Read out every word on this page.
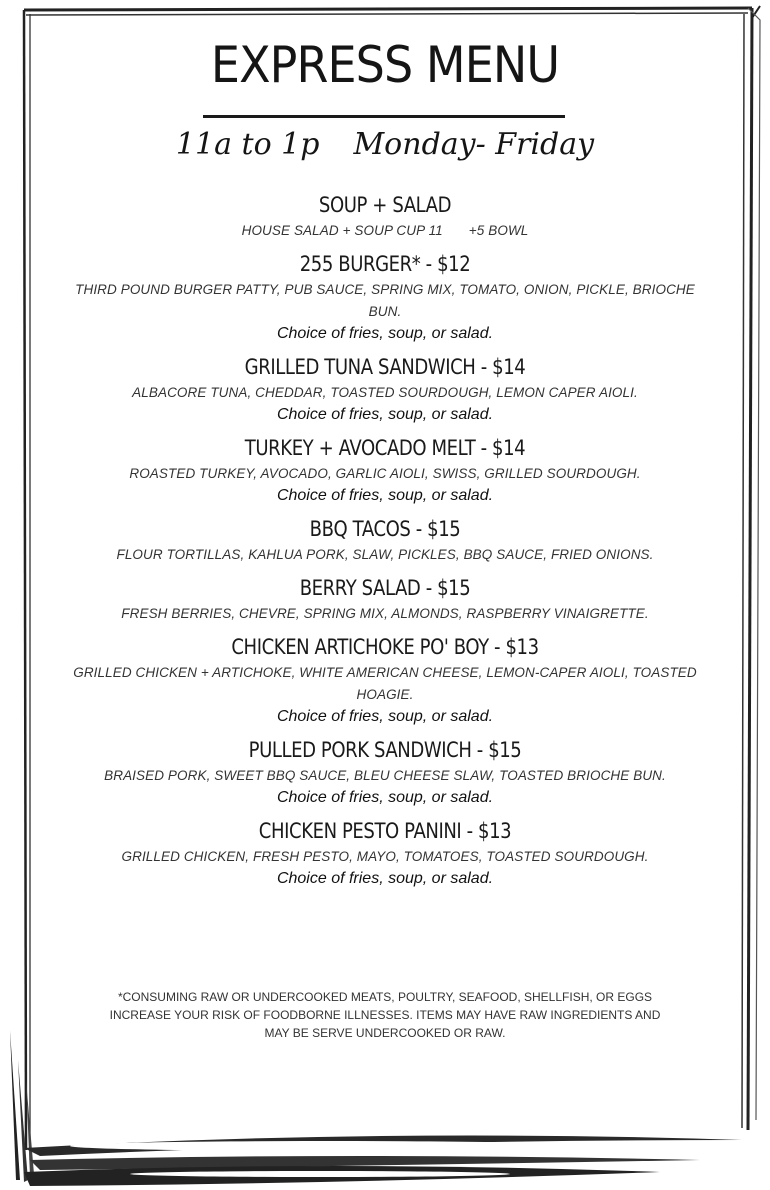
EXPRESS MENU
11a to 1p Monday- Friday
SOUP + SALAD
HOUSE SALAD + SOUP CUP 11 +5 BOWL
255 BURGER* - $12
THIRD POUND BURGER PATTY, PUB SAUCE, SPRING MIX, TOMATO, ONION, PICKLE, BRIOCHE BUN.
Choice of fries, soup, or salad.
GRILLED TUNA SANDWICH - $14
ALBACORE TUNA, CHEDDAR, TOASTED SOURDOUGH, LEMON CAPER AIOLI.
Choice of fries, soup, or salad.
TURKEY + AVOCADO MELT - $14
ROASTED TURKEY, AVOCADO, GARLIC AIOLI, SWISS, GRILLED SOURDOUGH.
Choice of fries, soup, or salad.
BBQ TACOS - $15
FLOUR TORTILLAS, KAHLUA PORK, SLAW, PICKLES, BBQ SAUCE, FRIED ONIONS.
BERRY SALAD - $15
FRESH BERRIES, CHEVRE, SPRING MIX, ALMONDS, RASPBERRY VINAIGRETTE.
CHICKEN ARTICHOKE PO' BOY - $13
GRILLED CHICKEN + ARTICHOKE, WHITE AMERICAN CHEESE, LEMON-CAPER AIOLI, TOASTED HOAGIE.
Choice of fries, soup, or salad.
PULLED PORK SANDWICH - $15
BRAISED PORK, SWEET BBQ SAUCE, BLEU CHEESE SLAW, TOASTED BRIOCHE BUN.
Choice of fries, soup, or salad.
CHICKEN PESTO PANINI - $13
GRILLED CHICKEN, FRESH PESTO, MAYO, TOMATOES, TOASTED SOURDOUGH.
Choice of fries, soup, or salad.
*CONSUMING RAW OR UNDERCOOKED MEATS, POULTRY, SEAFOOD, SHELLFISH, OR EGGS INCREASE YOUR RISK OF FOODBORNE ILLNESSES. ITEMS MAY HAVE RAW INGREDIENTS AND MAY BE SERVE UNDERCOOKED OR RAW.
